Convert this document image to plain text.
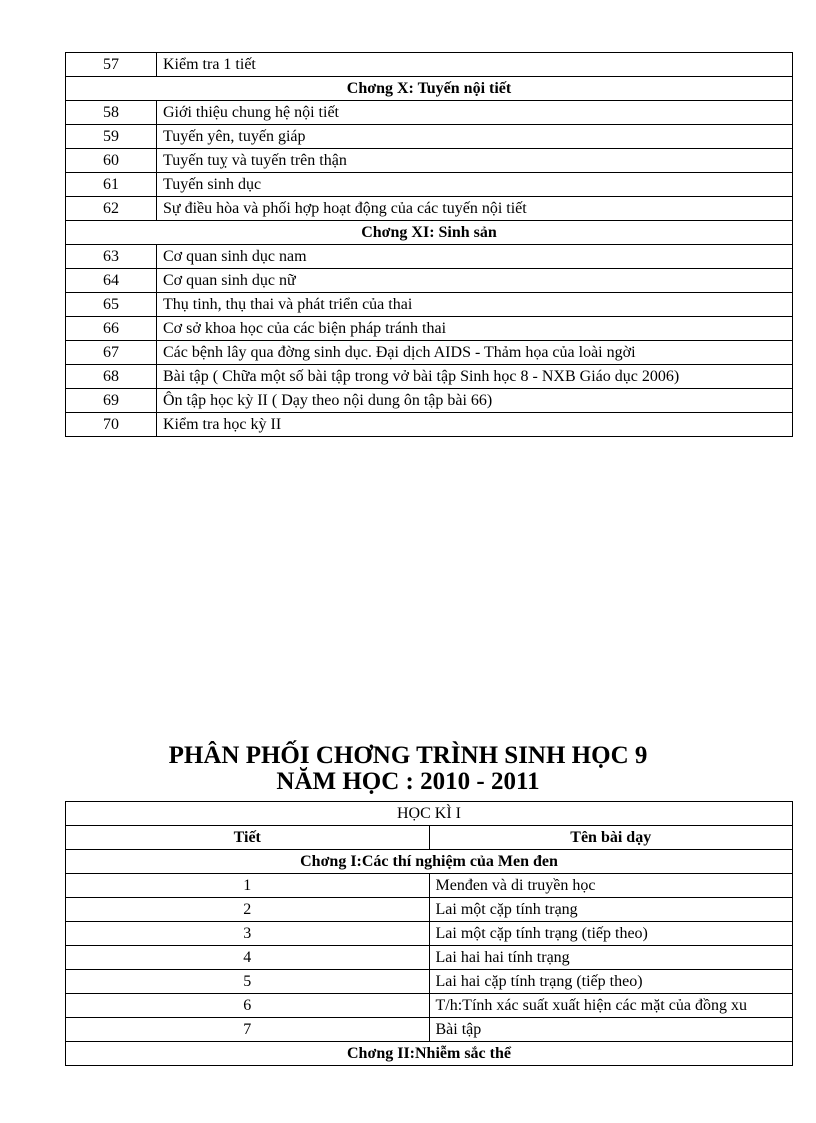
57	Kiểm tra 1 tiết
Chơng X: Tuyến nội tiết	
58	Giới thiệu chung hệ nội tiết
59	Tuyến yên, tuyến giáp
60	Tuyến tuỵ và tuyến trên thận
61	Tuyến sinh dục
62	Sự điều hòa và phối hợp hoạt động của các tuyến nội tiết
Chơng XI: Sinh sản	
63	Cơ quan sinh dục nam
64	Cơ quan sinh dục nữ
65	Thụ tinh, thụ thai và phát triển của thai
66	Cơ sở khoa học của các biện pháp tránh thai
67	Các bệnh lây qua đờng sinh dục. Đại dịch AIDS - Thảm họa của loài ngời
68	Bài tập ( Chữa một số bài tập trong vở bài tập Sinh học 8 - NXB Giáo dục 2006)
69	Ôn tập học kỳ II ( Dạy theo nội dung ôn tập bài 66)
70	Kiểm tra học kỳ II
PHÂN PHỐI CHƠNG TRÌNH SINH HỌC 9
NĂM HỌC : 2010 - 2011
HỌC KÌ I	
Tiết	Tên bài dạy
Chơng I:Các thí nghiệm của Men đen	
1	Menđen và di truyền học
2	Lai một cặp tính trạng
3	Lai một cặp tính trạng (tiếp theo)
4	Lai hai hai tính trạng
5	Lai hai cặp tính trạng (tiếp theo)
6	T/h:Tính xác suất xuất hiện các mặt của đồng xu
7	Bài tập
Chơng II:Nhiễm sắc thể	
